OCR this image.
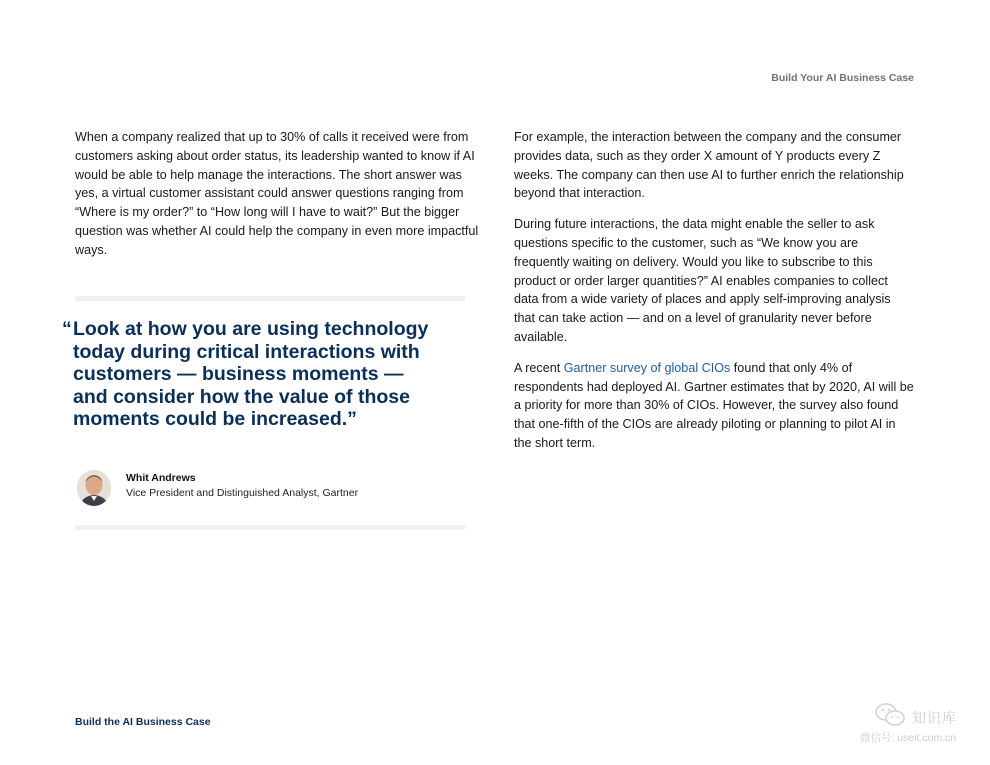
Build Your AI Business Case

When a company realized that up to 30% of calls it received were from customers asking about order status, its leadership wanted to know if AI would be able to help manage the interactions. The short answer was yes, a virtual customer assistant could answer questions ranging from “Where is my order?” to “How long will I have to wait?” But the bigger question was whether AI could help the company in even more impactful ways.

“ Look at how you are using technology today during critical interactions with customers — business moments — and consider how the value of those moments could be increased.”
Whit Andrews
Vice President and Distinguished Analyst, Gartner

For example, the interaction between the company and the consumer provides data, such as they order X amount of Y products every Z weeks. The company can then use AI to further enrich the relationship beyond that interaction.

During future interactions, the data might enable the seller to ask questions specific to the customer, such as “We know you are frequently waiting on delivery. Would you like to subscribe to this product or order larger quantities?” AI enables companies to collect data from a wide variety of places and apply self-improving analysis that can take action — and on a level of granularity never before available.

A recent Gartner survey of global CIOs found that only 4% of respondents had deployed AI. Gartner estimates that by 2020, AI will be a priority for more than 30% of CIOs. However, the survey also found that one-fifth of the CIOs are already piloting or planning to pilot AI in the short term.

Build the AI Business Case	知识库
微信号: useit.com.cn
